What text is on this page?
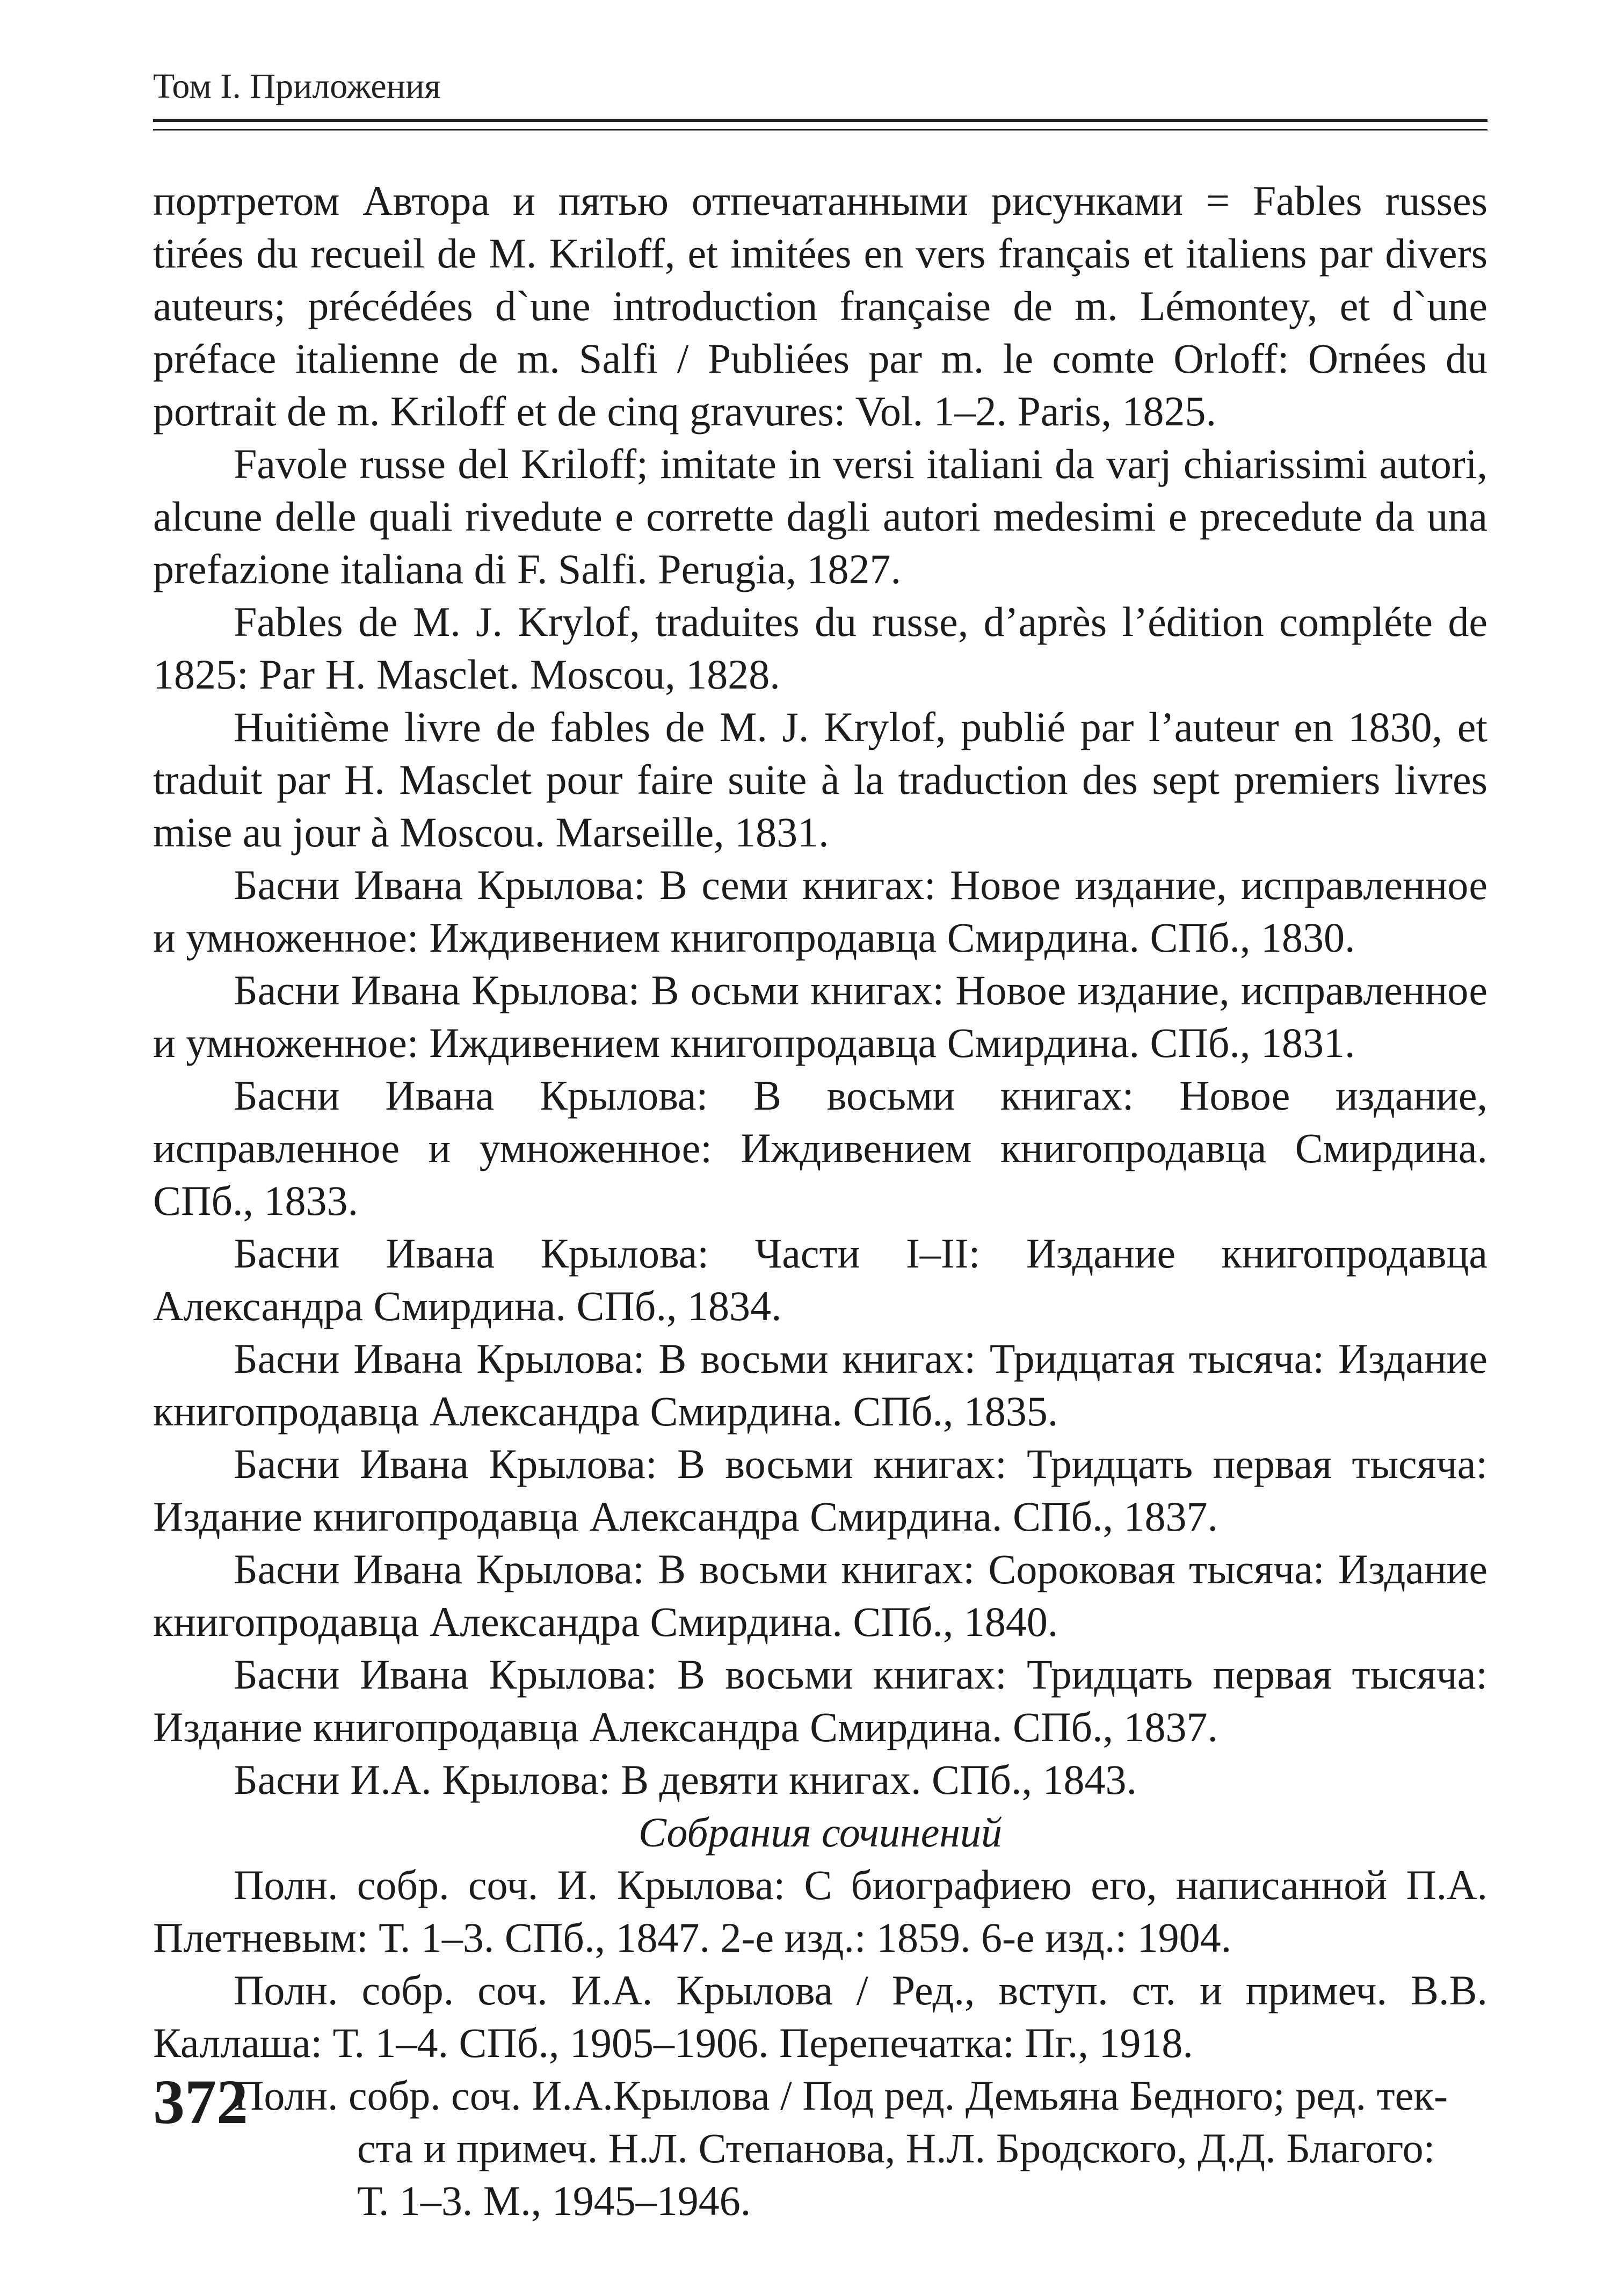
Том I. Приложения

портретом Автора и пятью отпечатанными рисунками = Fables russes tirées du recueil de M. Kriloff, et imitées en vers français et italiens par divers auteurs; précédées d`une introduction française de m. Lémontey, et d`une préface italienne de m. Salfi / Publiées par m. le comte Orloff: Ornées du portrait de m. Kriloff et de cinq gravures: Vol. 1–2. Paris, 1825.

Favole russe del Kriloff; imitate in versi italiani da varj chiarissimi autori, alcune delle quali rivedute e corrette dagli autori medesimi e precedute da una prefazione italiana di F. Salfi. Perugia, 1827.

Fables de M. J. Krylof, traduites du russe, d’après l’édition compléte de 1825: Par H. Masclet. Moscou, 1828.

Huitième livre de fables de M. J. Krylof, publié par l’auteur en 1830, et traduit par H. Masclet pour faire suite à la traduction des sept premiers livres mise au jour à Moscou. Marseille, 1831.

Басни Ивана Крылова: В семи книгах: Новое издание, исправленное и умноженное: Иждивением книгопродавца Смирдина. СПб., 1830.

Басни Ивана Крылова: В осьми книгах: Новое издание, исправленное и умноженное: Иждивением книгопродавца Смирдина. СПб., 1831.

Басни Ивана Крылова: В восьми книгах: Новое издание, исправленное и умноженное: Иждивением книгопродавца Смирдина. СПб., 1833.

Басни Ивана Крылова: Части I–II: Издание книгопродавца Александра Смирдина. СПб., 1834.

Басни Ивана Крылова: В восьми книгах: Тридцатая тысяча: Издание книгопродавца Александра Смирдина. СПб., 1835.

Басни Ивана Крылова: В восьми книгах: Тридцать первая тысяча: Издание книгопродавца Александра Смирдина. СПб., 1837.

Басни Ивана Крылова: В восьми книгах: Сороковая тысяча: Издание книгопродавца Александра Смирдина. СПб., 1840.

Басни Ивана Крылова: В восьми книгах: Тридцать первая тысяча: Издание книгопродавца Александра Смирдина. СПб., 1837.

Басни И.А. Крылова: В девяти книгах. СПб., 1843.

Собрания сочинений

Полн. собр. соч. И. Крылова: С биографиею его, написанной П.А. Плетневым: Т. 1–3. СПб., 1847. 2-е изд.: 1859. 6-е изд.: 1904.

Полн. собр. соч. И.А. Крылова / Ред., вступ. ст. и примеч. В.В. Каллаша: Т. 1–4. СПб., 1905–1906. Перепечатка: Пг., 1918.

Полн. собр. соч. И.А.Крылова / Под ред. Демьяна Бедного; ред. тек-
ста и примеч. Н.Л. Степанова, Н.Л. Бродского, Д.Д. Благого:
Т. 1–3. М., 1945–1946.
372
